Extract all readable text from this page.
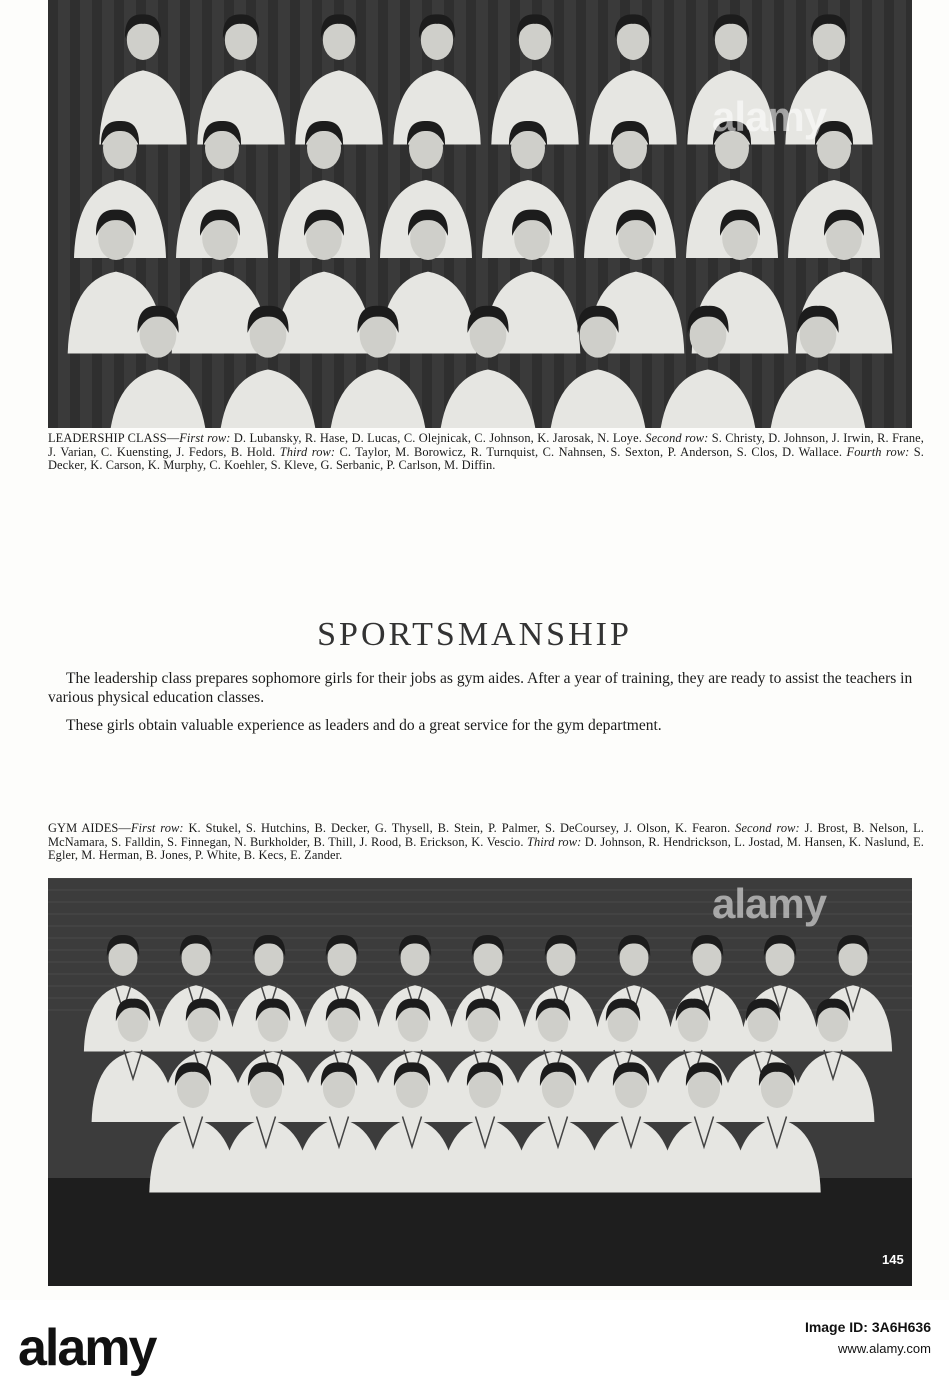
alamy
LEADERSHIP CLASS—First row: D. Lubansky, R. Hase, D. Lucas, C. Olejnicak, C. Johnson, K. Jarosak, N. Loye. Second row: S. Christy, D. Johnson, J. Irwin, R. Frane, J. Varian, C. Kuensting, J. Fedors, B. Hold. Third row: C. Taylor, M. Borowicz, R. Turnquist, C. Nahnsen, S. Sexton, P. Anderson, S. Clos, D. Wallace. Fourth row: S. Decker, K. Carson, K. Murphy, C. Koehler, S. Kleve, G. Serbanic, P. Carlson, M. Diffin.
SPORTSMANSHIP
The leadership class prepares sophomore girls for their jobs as gym aides. After a year of training, they are ready to assist the teachers in various physical education classes.
These girls obtain valuable experience as leaders and do a great service for the gym department.
GYM AIDES—First row: K. Stukel, S. Hutchins, B. Decker, G. Thysell, B. Stein, P. Palmer, S. DeCoursey, J. Olson, K. Fearon. Second row: J. Brost, B. Nelson, L. McNamara, S. Falldin, S. Finnegan, N. Burkholder, B. Thill, J. Rood, B. Erickson, K. Vescio. Third row: D. Johnson, R. Hendrickson, L. Jostad, M. Hansen, K. Naslund, E. Egler, M. Herman, B. Jones, P. White, B. Kecs, E. Zander.
alamy
145
alamy	Image ID: 3A6H636
www.alamy.com
